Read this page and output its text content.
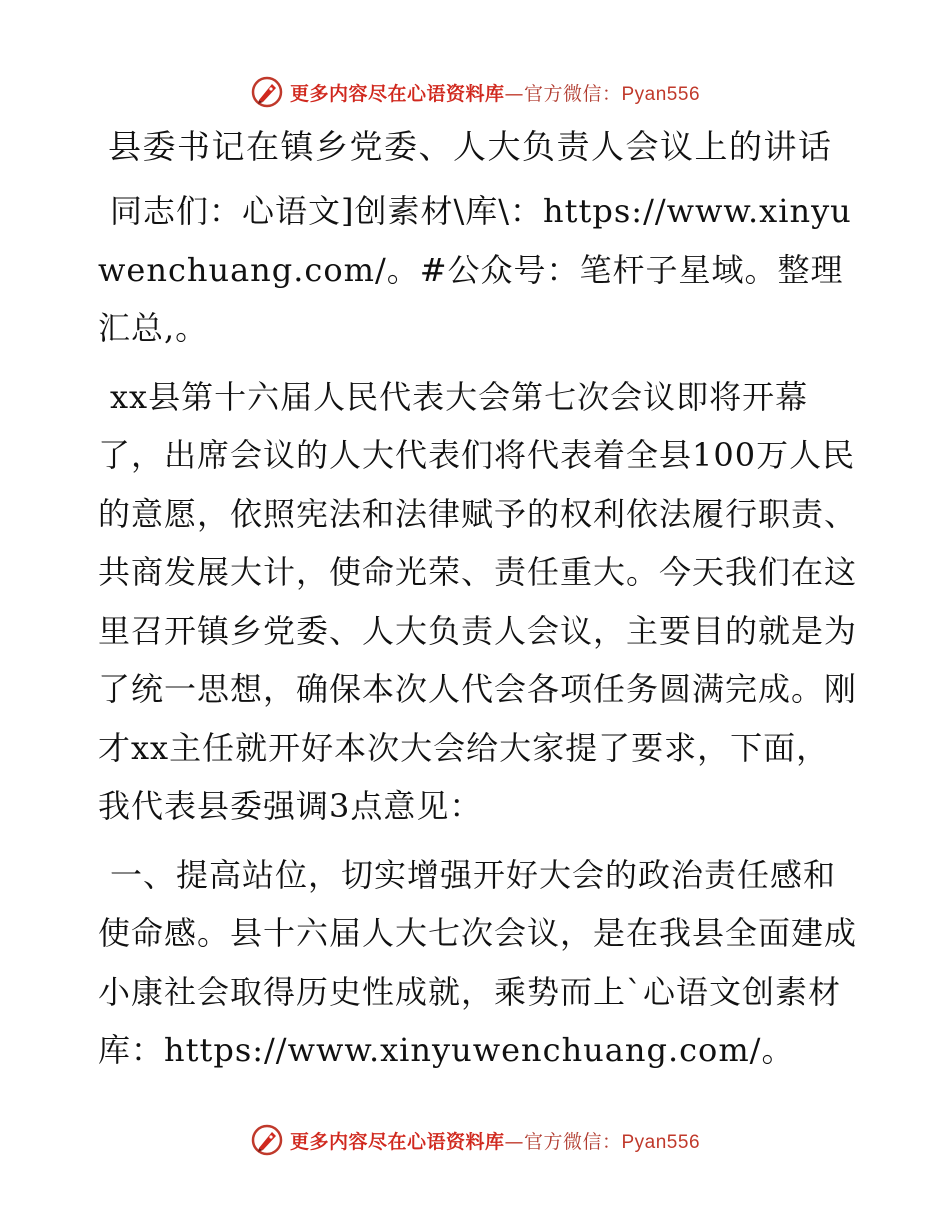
更多内容尽在心语资料库—官方微信：Pyan556
县委书记在镇乡党委、人大负责人会议上的讲话

同志们：心语文]创素材\库\：https://www.xinyuwenchuang.com/。#公众号：笔杆子星域。整理汇总,。

xx县第十六届人民代表大会第七次会议即将开幕了，出席会议的人大代表们将代表着全县100万人民的意愿，依照宪法和法律赋予的权利依法履行职责、共商发展大计，使命光荣、责任重大。今天我们在这里召开镇乡党委、人大负责人会议，主要目的就是为了统一思想，确保本次人代会各项任务圆满完成。刚才xx主任就开好本次大会给大家提了要求，下面，我代表县委强调3点意见：

一、提高站位，切实增强开好大会的政治责任感和使命感。县十六届人大七次会议，是在我县全面建成小康社会取得历史性成就，乘势而上`心语文创素材库：https://www.xinyuwenchuang.com/。

更多内容尽在心语资料库—官方微信：Pyan556
